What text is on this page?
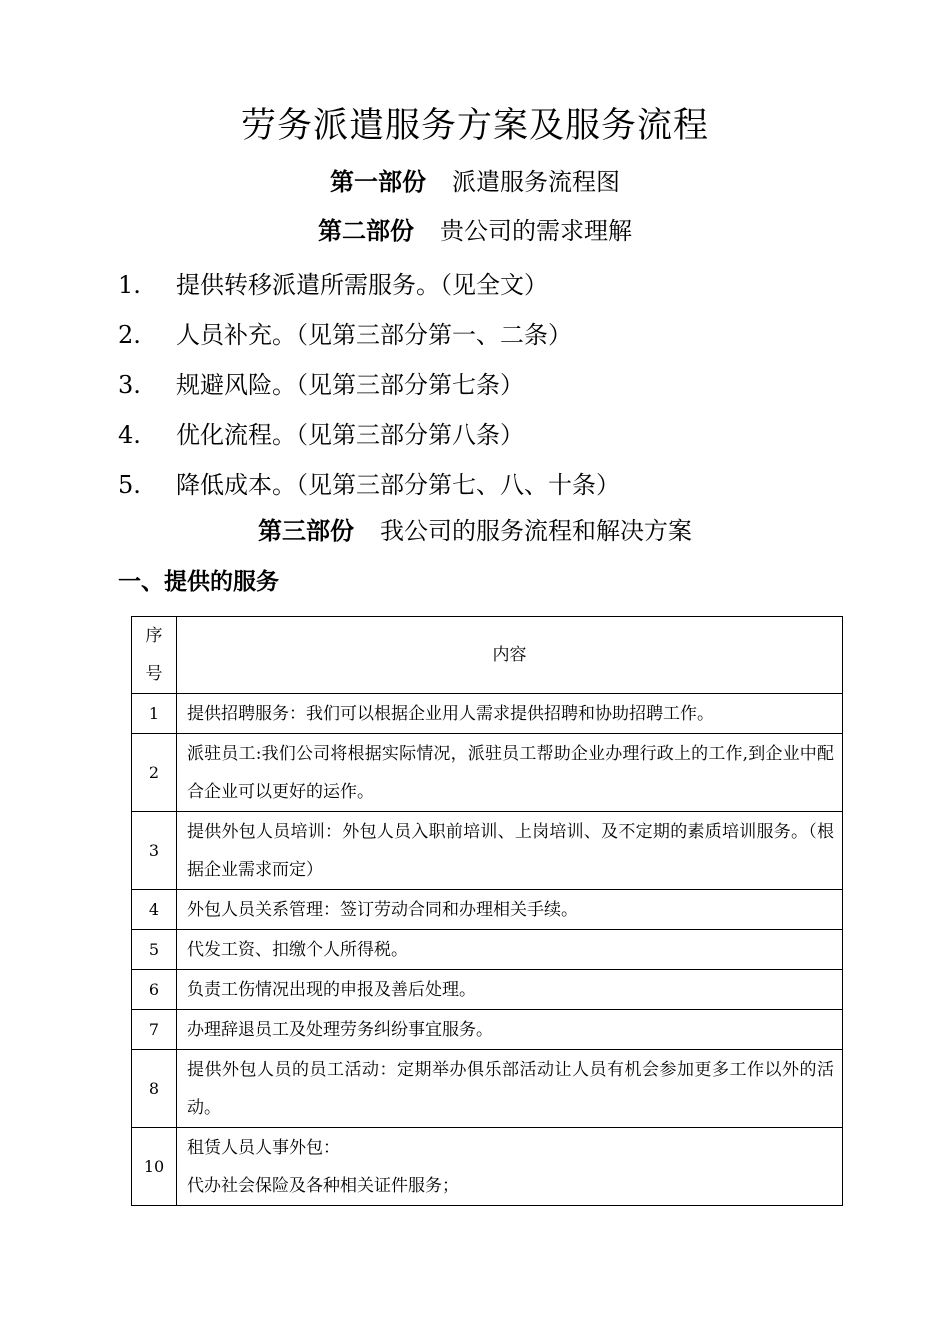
劳务派遣服务方案及服务流程
第一部份 派遣服务流程图
第二部份 贵公司的需求理解
1. 提供转移派遣所需服务。（见全文）
2. 人员补充。（见第三部分第一、二条）
3. 规避风险。（见第三部分第七条）
4. 优化流程。（见第三部分第八条）
5. 降低成本。（见第三部分第七、八、十条）
第三部份 我公司的服务流程和解决方案
一、提供的服务
序
号	内容
1	提供招聘服务：我们可以根据企业用人需求提供招聘和协助招聘工作。
2	派驻员工:我们公司将根据实际情况，派驻员工帮助企业办理行政上的工作,到企业中配合企业可以更好的运作。
3	提供外包人员培训：外包人员入职前培训、上岗培训、及不定期的素质培训服务。（根据企业需求而定）
4	外包人员关系管理：签订劳动合同和办理相关手续。
5	代发工资、扣缴个人所得税。
6	负责工伤情况出现的申报及善后处理。
7	办理辞退员工及处理劳务纠纷事宜服务。
8	提供外包人员的员工活动：定期举办俱乐部活动让人员有机会参加更多工作以外的活动。
10	租赁人员人事外包：
代办社会保险及各种相关证件服务；
